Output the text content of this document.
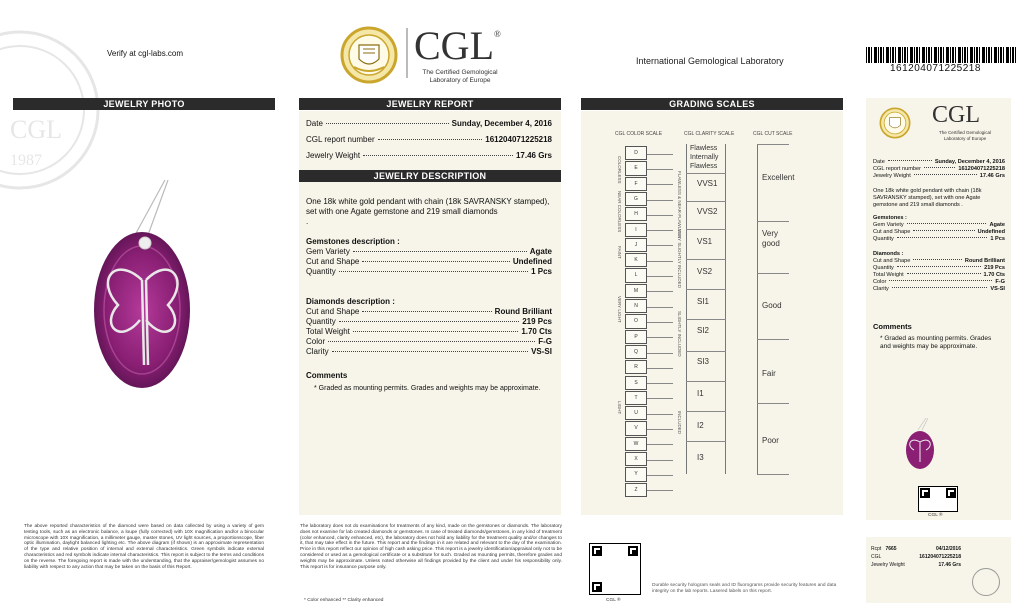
Verify at cgl-labs.com
CGL
1987
CGL®
The Certified Gemological
Laboratory of Europe
International Gemological Laboratory
161204071225218
JEWELRY PHOTO	JEWELRY REPORT	GRADING SCALES
Date	Sunday, December 4, 2016
CGL report number	161204071225218
Jewelry Weight	17.46 Grs
JEWELRY DESCRIPTION
One 18k white gold pendant with chain (18k SAVRANSKY stamped), set with one Agate gemstone and 219 small diamonds
.
Gemstones description :
Gem Variety	Agate
Cut and Shape	Undefined
Quantity	1 Pcs
Diamonds description :
Cut and Shape	Round Brilliant
Quantity	219 Pcs
Total Weight	1.70 Cts
Color	F-G
Clarity	VS-SI
Comments
* Graded as mounting permits. Grades and weights may be approximate.
CGL COLOR SCALE	CGL CLARITY SCALE	CGL CUT SCALE
D
E
F
G
H
I
J
K
L
M
N
O
P
Q
R
S
T
U
V
W
X
Y
Z
COLORLESS
NEAR COLORLESS
FAINT
VERY LIGHT
LIGHT
FLAWLESS & NEAR-FLAWLESS
VERY SLIGHTLY INCLUDED
SLIGHTLY INCLUDED
INCLUDED
Flawless
Internally
Flawless
VVS1
VVS2
VS1
VS2
SI1
SI2
SI3
I1
I2
I3
Excellent
Very
good
Good
Fair
Poor
CGL
The Certified Gemological
Laboratory of Europe
Date	Sunday, December 4, 2016
CGL report number	161204071225218
Jewelry Weight	17.46 Grs
One 18k white gold pendant with chain (18k SAVRANSKY stamped), set with one Agate gemstone and 219 small diamonds .
Gemstones :
Gem Variety	Agate
Cut and Shape	Undefined
Quantity	1 Pcs
Diamonds :
Cut and Shape	Round Brilliant
Quantity	219 Pcs
Total Weight	1.70 Cts
Color	F-G
Clarity	VS-SI
Comments
* Graded as mounting permits. Grades and weights may be approximate.
CGL ®
Rcpt 7665	04/12/2016
CGL	161204071225218
Jewelry Weight	17.46 Grs
The above reported characteristics of the diamond were based on data collected by using a variety of gem testing tools, such as an electronic balance, a loupe (fully corrected) with 10X magnification and/or a binocular microscope with 10X magnification, a millimeter gauge, master stones, UV light sources, a proportionscope, fiber optic illumination, daylight balanced lighting etc. The above diagram (if shown) is an approximate representation of the type and relative position of internal and external characteristics. Green symbols indicate external characteristics and red symbols indicate internal characteristics. This report is subject to the terms and conditions on the reverse. The foregoing report is made with the understanding, that the appraiser/gemologist assumes no liability with respect to any action that may be taken on the basis of this Report.
The laboratory does not do examinations for treatments of any kind, made on the gemstones or diamonds. The laboratory does not examine for lab created diamonds or gemstones. In case of treated diamonds/gemstones, in any kind of treatment (color enhanced, clarity enhanced, etc), the laboratory does not hold any liability for the treatment quality and/or changes to it, that may take effect in the future. This report and the findings in it are related and relevant to the day of the examination. Price in this report reflect our opinion of high cash asking price. This report is a jewelry identification/appraisal only not to be considered or used as a gemological certificate or a substitute for such. Graded as mounting permits, therefore grades and weights may be approximate. Unless noted otherwise all findings provided by the client and under his responsibility only. This report is for insurance purpose only.
* Color enhanced ** Clarity enhanced	CGL ®
Durable security hologram seals and ID fluorograms provide security features and data integrity on the lab reports. Lasered labels on this report.
